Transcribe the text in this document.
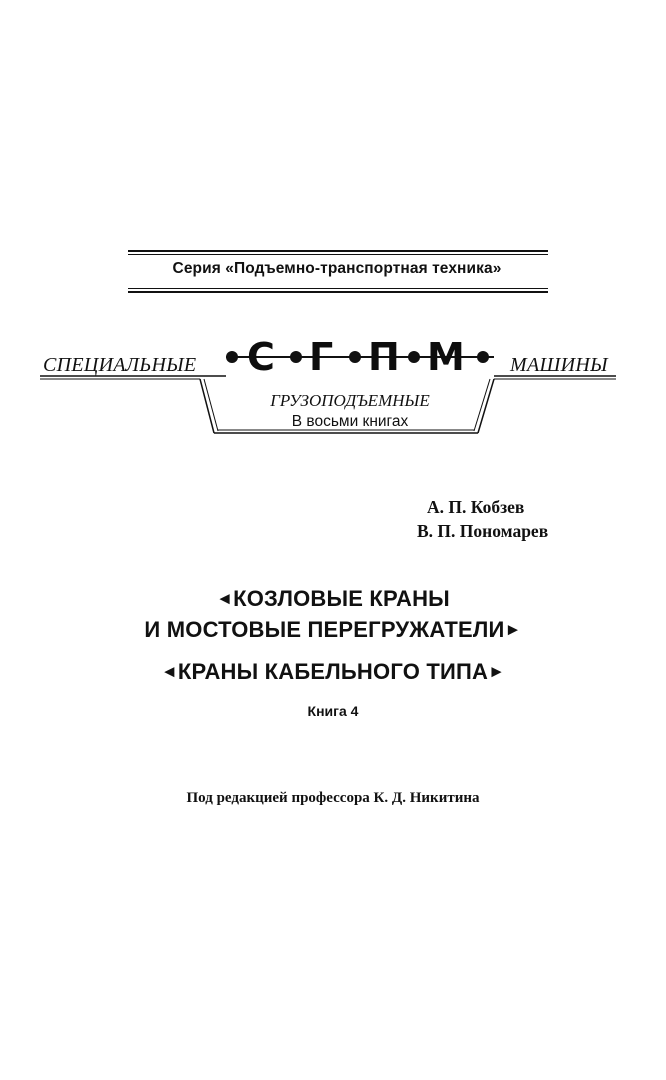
Серия «Подъемно-транспортная техника»
СПЕЦИАЛЬНЫЕ	МАШИНЫ
С Г П М
ГРУЗОПОДЪЕМНЫЕ
В восьми книгах
А. П. Кобзев
В. П. Пономарев
◄КОЗЛОВЫЕ КРАНЫ
И МОСТОВЫЕ ПЕРЕГРУЖАТЕЛИ►
◄КРАНЫ КАБЕЛЬНОГО ТИПА►
Книга 4
Под редакцией профессора К. Д. Никитина
